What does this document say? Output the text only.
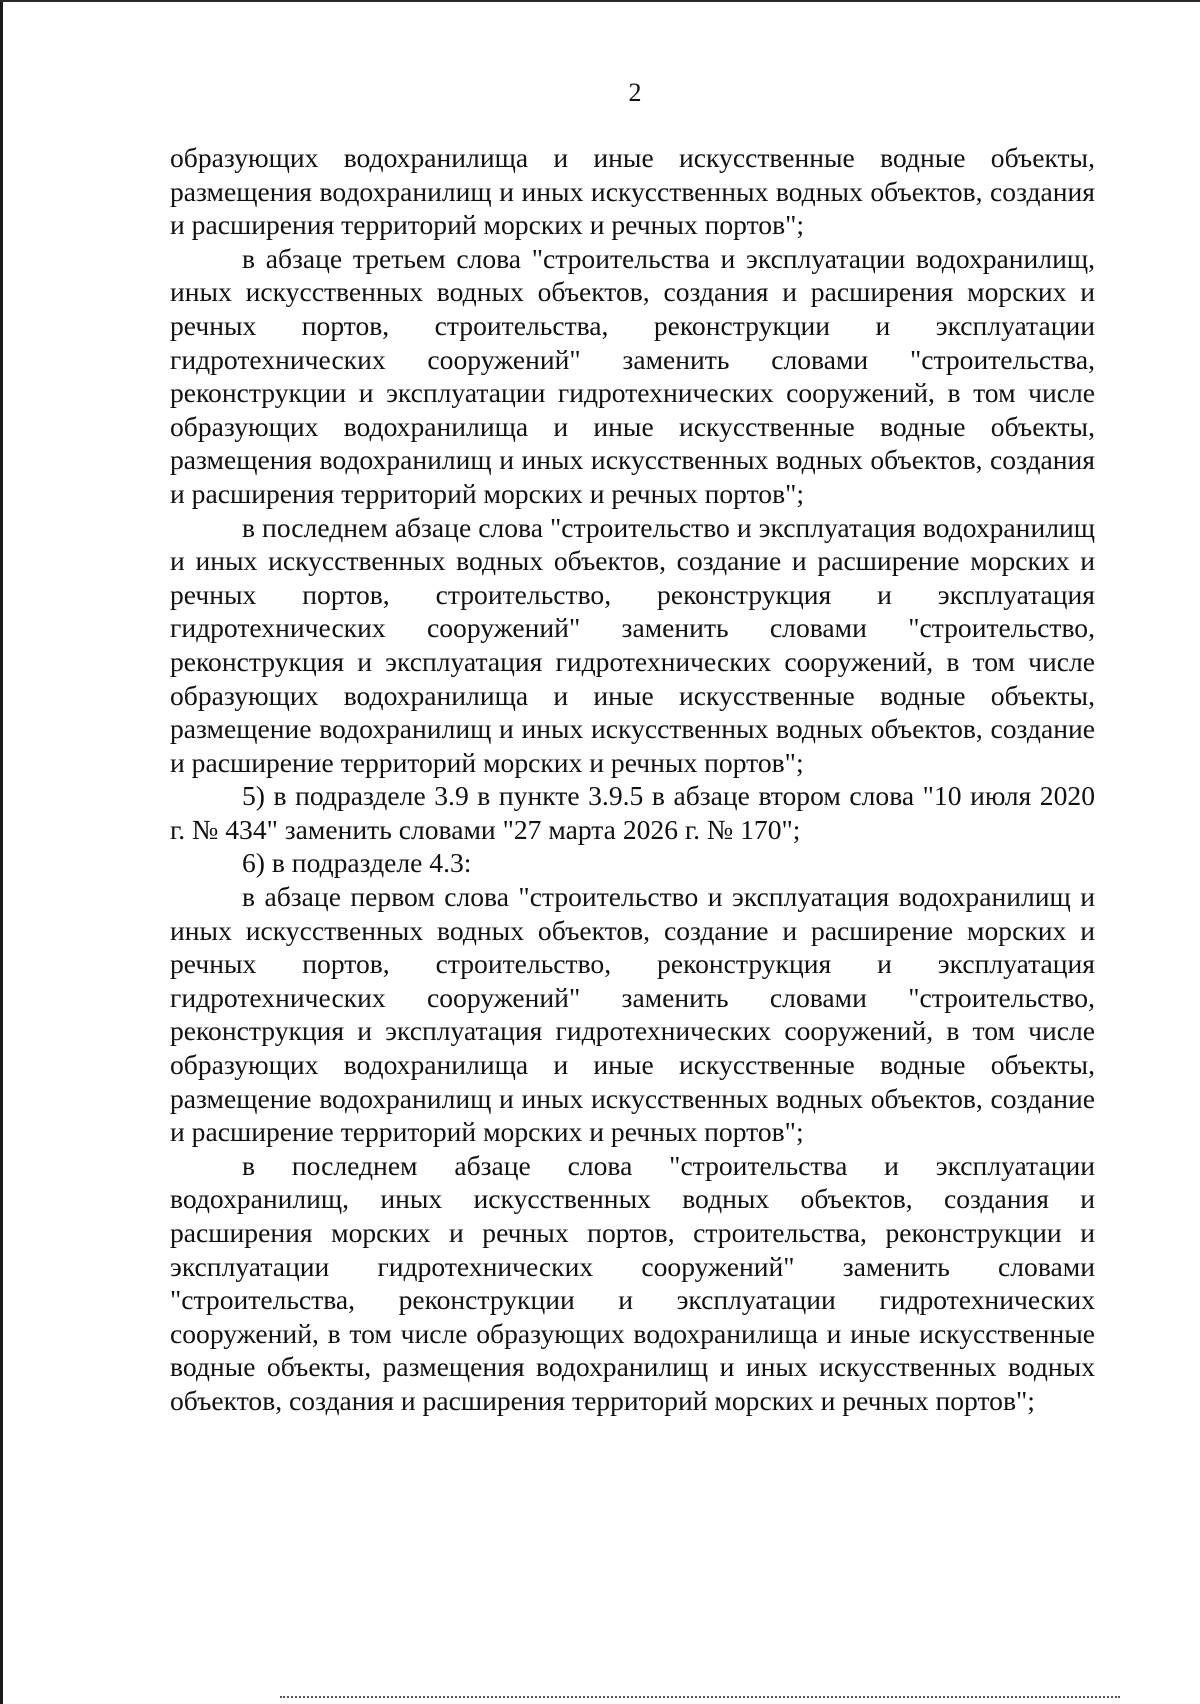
2

образующих водохранилища и иные искусственные водные объекты, размещения водохранилищ и иных искусственных водных объектов, создания и расширения территорий морских и речных портов";

в абзаце третьем слова "строительства и эксплуатации водохранилищ, иных искусственных водных объектов, создания и расширения морских и речных портов, строительства, реконструкции и эксплуатации гидротехнических сооружений" заменить словами "строительства, реконструкции и эксплуатации гидротехнических сооружений, в том числе образующих водохранилища и иные искусственные водные объекты, размещения водохранилищ и иных искусственных водных объектов, создания и расширения территорий морских и речных портов";

в последнем абзаце слова "строительство и эксплуатация водохранилищ и иных искусственных водных объектов, создание и расширение морских и речных портов, строительство, реконструкция и эксплуатация гидротехнических сооружений" заменить словами "строительство, реконструкция и эксплуатация гидротехнических сооружений, в том числе образующих водохранилища и иные искусственные водные объекты, размещение водохранилищ и иных искусственных водных объектов, создание и расширение территорий морских и речных портов";

5) в подразделе 3.9 в пункте 3.9.5 в абзаце втором слова "10 июля 2020 г. № 434" заменить словами "27 марта 2026 г. № 170";

6) в подразделе 4.3:

в абзаце первом слова "строительство и эксплуатация водохранилищ и иных искусственных водных объектов, создание и расширение морских и речных портов, строительство, реконструкция и эксплуатация гидротехнических сооружений" заменить словами "строительство, реконструкция и эксплуатация гидротехнических сооружений, в том числе образующих водохранилища и иные искусственные водные объекты, размещение водохранилищ и иных искусственных водных объектов, создание и расширение территорий морских и речных портов";

в последнем абзаце слова "строительства и эксплуатации водохранилищ, иных искусственных водных объектов, создания и расширения морских и речных портов, строительства, реконструкции и эксплуатации гидротехнических сооружений" заменить словами "строительства, реконструкции и эксплуатации гидротехнических сооружений, в том числе образующих водохранилища и иные искусственные водные объекты, размещения водохранилищ и иных искусственных водных объектов, создания и расширения территорий морских и речных портов";
